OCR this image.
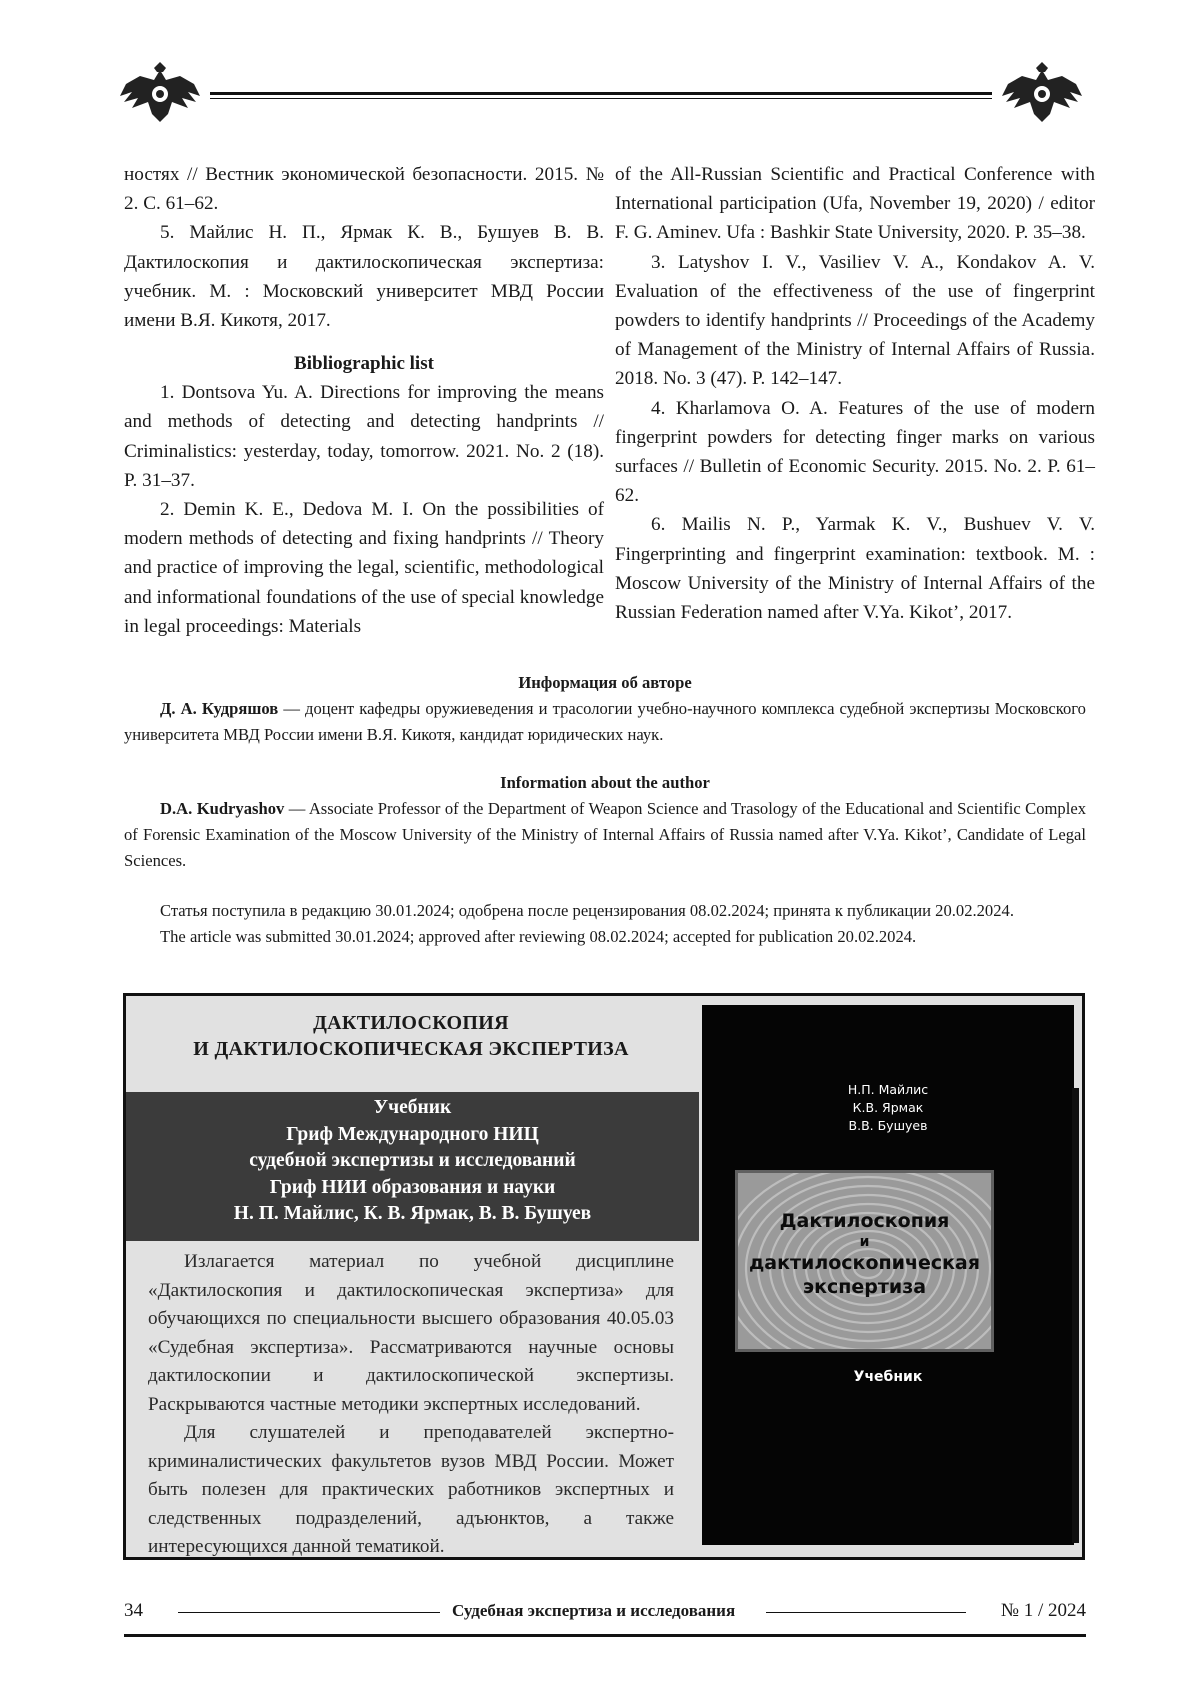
ностях // Вестник экономической безопасности. 2015. № 2. С. 61–62.

5. Майлис Н. П., Ярмак К. В., Бушуев В. В. Дактилоскопия и дактилоскопическая экспертиза: учебник. М. : Московский университет МВД России имени В.Я. Кикотя, 2017.

Bibliographic list

1. Dontsova Yu. A. Directions for improving the means and methods of detecting and detecting handprints // Criminalistics: yesterday, today, tomorrow. 2021. No. 2 (18). P. 31–37.

2. Demin K. E., Dedova M. I. On the possibilities of modern methods of detecting and fixing handprints // Theory and practice of improving the legal, scientific, methodological and informational foundations of the use of special knowledge in legal proceedings: Materials

of the All-Russian Scientific and Practical Conference with International participation (Ufa, November 19, 2020) / editor F. G. Aminev. Ufa : Bashkir State University, 2020. P. 35–38.

3. Latyshov I. V., Vasiliev V. A., Kondakov A. V. Evaluation of the effectiveness of the use of fingerprint powders to identify handprints // Proceedings of the Academy of Management of the Ministry of Internal Affairs of Russia. 2018. No. 3 (47). P. 142–147.

4. Kharlamova O. A. Features of the use of modern fingerprint powders for detecting finger marks on various surfaces // Bulletin of Economic Security. 2015. No. 2. P. 61–62.

6. Mailis N. P., Yarmak K. V., Bushuev V. V. Fingerprinting and fingerprint examination: textbook. M. : Moscow University of the Ministry of Internal Affairs of the Russian Federation named after V.Ya. Kikot’, 2017.

Информация об авторе

Д. А. Кудряшов — доцент кафедры оружиеведения и трасологии учебно-научного комплекса судебной экспертизы Московского университета МВД России имени В.Я. Кикотя, кандидат юридических наук.

Information about the author

D.A. Kudryashov — Associate Professor of the Department of Weapon Science and Trasology of the Educational and Scientific Complex of Forensic Examination of the Moscow University of the Ministry of Internal Affairs of Russia named after V.Ya. Kikot’, Candidate of Legal Sciences.

Статья поступила в редакцию 30.01.2024; одобрена после рецензирования 08.02.2024; принята к публикации 20.02.2024.

The article was submitted 30.01.2024; approved after reviewing 08.02.2024; accepted for publication 20.02.2024.

ДАКТИЛОСКОПИЯ
И ДАКТИЛОСКОПИЧЕСКАЯ ЭКСПЕРТИЗА
Учебник
Гриф Международного НИЦ
судебной экспертизы и исследований
Гриф НИИ образования и науки
Н. П. Майлис, К. В. Ярмак, В. В. Бушуев

Излагается материал по учебной дисциплине «Дактилоскопия и дактилоскопическая экспертиза» для обучающихся по специальности высшего образования 40.05.03 «Судебная экспертиза». Рассматриваются научные основы дактилоскопии и дактилоскопической экспертизы. Раскрываются частные методики экспертных исследований.

Для слушателей и преподавателей экспертно-криминалистических факультетов вузов МВД России. Может быть полезен для практических работников экспертных и следственных подразделений, адъюнктов, а также интересующихся данной тематикой.

Н.П. Майлис
К.В. Ярмак
В.В. Бушуев
Дактилоскопия
и
дактилоскопическая
экспертиза
Учебник
34	Судебная экспертиза и исследования	№ 1 / 2024
